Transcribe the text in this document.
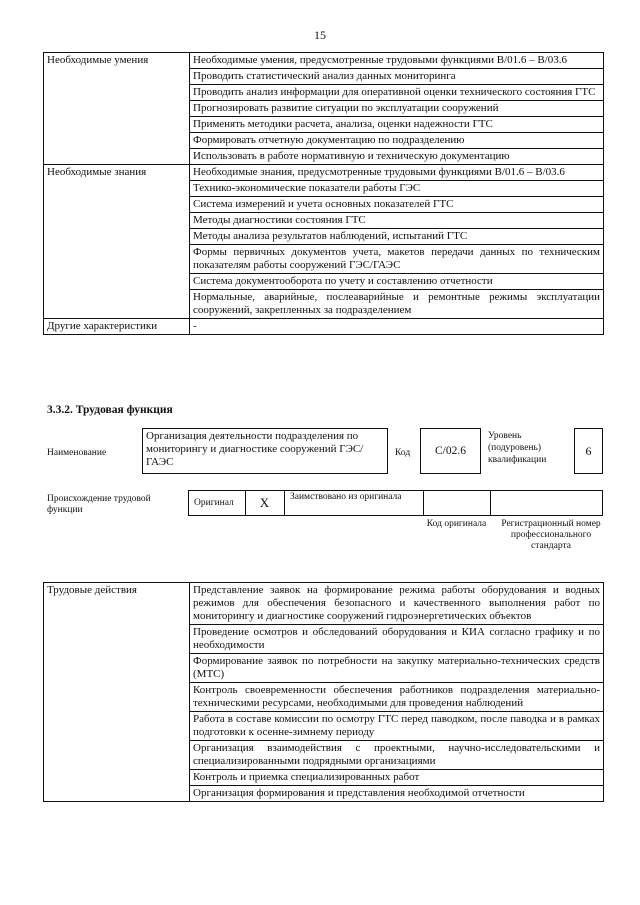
15
Необходимые умения	Необходимые умения, предусмотренные трудовыми функциями В/01.6 – В/03.6
	Проводить статистический анализ данных мониторинга
	Проводить анализ информации для оперативной оценки технического состояния ГТС
	Прогнозировать развитие ситуации по эксплуатации сооружений
	Применять методики расчета, анализа, оценки надежности ГТС
	Формировать отчетную документацию по подразделению
	Использовать в работе нормативную и техническую документацию
Необходимые знания	Необходимые знания, предусмотренные трудовыми функциями В/01.6 – В/03.6
	Технико-экономические показатели работы ГЭС
	Система измерений и учета основных показателей ГТС
	Методы диагностики состояния ГТС
	Методы анализа результатов наблюдений, испытаний ГТС
	Формы первичных документов учета, макетов передачи данных по техническим показателям работы сооружений ГЭС/ГАЭС
	Система документооборота по учету и составлению отчетности
	Нормальные, аварийные, послеаварийные и ремонтные режимы эксплуатации сооружений, закрепленных за подразделением
Другие характеристики	-
3.3.2. Трудовая функция
Наименование
Организация деятельности подразделения по мониторингу и диагностике сооружений ГЭС/ГАЭС
Код C/02.6
Уровень (подуровень) квалификации
6
Происхождение трудовой функции
Оригинал	X	Заимствовано из оригинала
Код оригинала	Регистрационный номер профессионального стандарта
Трудовые действия	Представление заявок на формирование режима работы оборудования и водных режимов для обеспечения безопасного и качественного выполнения работ по мониторингу и диагностике сооружений гидроэнергетических объектов
Проведение осмотров и обследований оборудования и КИА согласно графику и по необходимости
Формирование заявок по потребности на закупку материально-технических средств (МТС)
Контроль своевременности обеспечения работников подразделения материально-техническими ресурсами, необходимыми для проведения наблюдений
Работа в составе комиссии по осмотру ГТС перед паводком, после паводка и в рамках подготовки к осенне-зимнему периоду
Организация взаимодействия с проектными, научно-исследовательскими и специализированными подрядными организациями
Контроль и приемка специализированных работ
Организация формирования и представления необходимой отчетности
